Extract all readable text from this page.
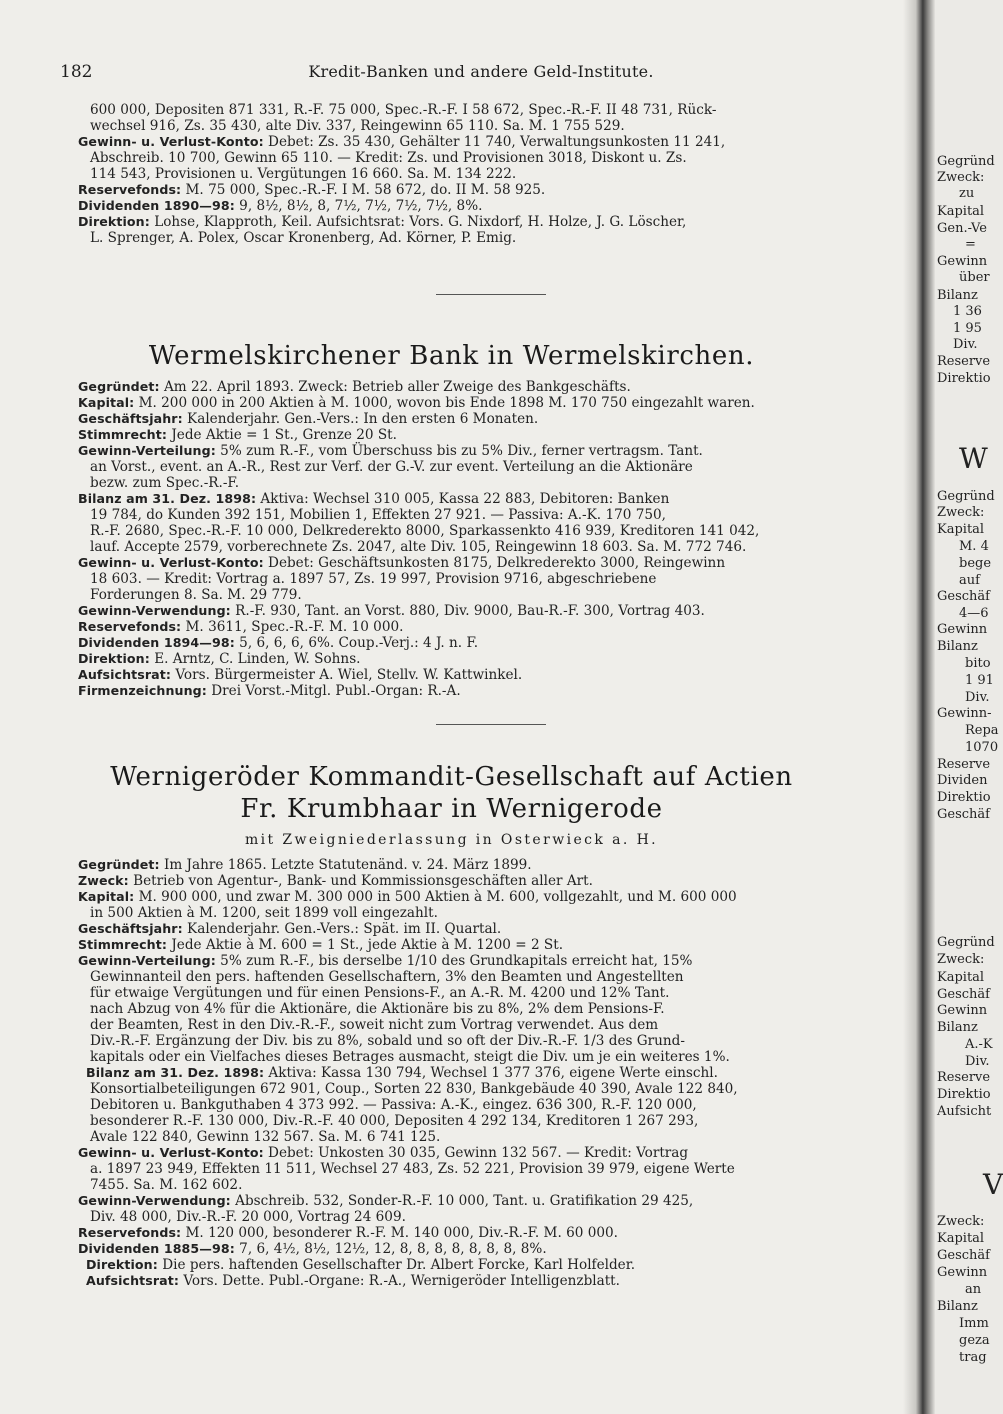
182	Kredit-Banken und andere Geld-Institute.
600 000, Depositen 871 331, R.-F. 75 000, Spec.-R.-F. I 58 672, Spec.-R.-F. II 48 731, Rück-
wechsel 916, Zs. 35 430, alte Div. 337, Reingewinn 65 110. Sa. M. 1 755 529.
Gewinn- u. Verlust-Konto: Debet: Zs. 35 430, Gehälter 11 740, Verwaltungsunkosten 11 241,
Abschreib. 10 700, Gewinn 65 110. — Kredit: Zs. und Provisionen 3018, Diskont u. Zs.
114 543, Provisionen u. Vergütungen 16 660. Sa. M. 134 222.
Reservefonds: M. 75 000, Spec.-R.-F. I M. 58 672, do. II M. 58 925.
Dividenden 1890—98: 9, 8½, 8½, 8, 7½, 7½, 7½, 7½, 8%.
Direktion: Lohse, Klapproth, Keil. Aufsichtsrat: Vors. G. Nixdorf, H. Holze, J. G. Löscher,
L. Sprenger, A. Polex, Oscar Kronenberg, Ad. Körner, P. Emig.
Wermelskirchener Bank in Wermelskirchen.
Gegründet: Am 22. April 1893. Zweck: Betrieb aller Zweige des Bankgeschäfts.
Kapital: M. 200 000 in 200 Aktien à M. 1000, wovon bis Ende 1898 M. 170 750 eingezahlt waren.
Geschäftsjahr: Kalenderjahr. Gen.-Vers.: In den ersten 6 Monaten.
Stimmrecht: Jede Aktie = 1 St., Grenze 20 St.
Gewinn-Verteilung: 5% zum R.-F., vom Überschuss bis zu 5% Div., ferner vertragsm. Tant.
an Vorst., event. an A.-R., Rest zur Verf. der G.-V. zur event. Verteilung an die Aktionäre
bezw. zum Spec.-R.-F.
Bilanz am 31. Dez. 1898: Aktiva: Wechsel 310 005, Kassa 22 883, Debitoren: Banken
19 784, do Kunden 392 151, Mobilien 1, Effekten 27 921. — Passiva: A.-K. 170 750,
R.-F. 2680, Spec.-R.-F. 10 000, Delkrederekto 8000, Sparkassenkto 416 939, Kreditoren 141 042,
lauf. Accepte 2579, vorberechnete Zs. 2047, alte Div. 105, Reingewinn 18 603. Sa. M. 772 746.
Gewinn- u. Verlust-Konto: Debet: Geschäftsunkosten 8175, Delkrederekto 3000, Reingewinn
18 603. — Kredit: Vortrag a. 1897 57, Zs. 19 997, Provision 9716, abgeschriebene
Forderungen 8. Sa. M. 29 779.
Gewinn-Verwendung: R.-F. 930, Tant. an Vorst. 880, Div. 9000, Bau-R.-F. 300, Vortrag 403.
Reservefonds: M. 3611, Spec.-R.-F. M. 10 000.
Dividenden 1894—98: 5, 6, 6, 6, 6%. Coup.-Verj.: 4 J. n. F.
Direktion: E. Arntz, C. Linden, W. Sohns.
Aufsichtsrat: Vors. Bürgermeister A. Wiel, Stellv. W. Kattwinkel.
Firmenzeichnung: Drei Vorst.-Mitgl. Publ.-Organ: R.-A.
Wernigeröder Kommandit-Gesellschaft auf Actien
Fr. Krumbhaar in Wernigerode
mit Zweigniederlassung in Osterwieck a. H.
Gegründet: Im Jahre 1865. Letzte Statutenänd. v. 24. März 1899.
Zweck: Betrieb von Agentur-, Bank- und Kommissionsgeschäften aller Art.
Kapital: M. 900 000, und zwar M. 300 000 in 500 Aktien à M. 600, vollgezahlt, und M. 600 000
in 500 Aktien à M. 1200, seit 1899 voll eingezahlt.
Geschäftsjahr: Kalenderjahr. Gen.-Vers.: Spät. im II. Quartal.
Stimmrecht: Jede Aktie à M. 600 = 1 St., jede Aktie à M. 1200 = 2 St.
Gewinn-Verteilung: 5% zum R.-F., bis derselbe 1/10 des Grundkapitals erreicht hat, 15%
Gewinnanteil den pers. haftenden Gesellschaftern, 3% den Beamten und Angestellten
für etwaige Vergütungen und für einen Pensions-F., an A.-R. M. 4200 und 12% Tant.
nach Abzug von 4% für die Aktionäre, die Aktionäre bis zu 8%, 2% dem Pensions-F.
der Beamten, Rest in den Div.-R.-F., soweit nicht zum Vortrag verwendet. Aus dem
Div.-R.-F. Ergänzung der Div. bis zu 8%, sobald und so oft der Div.-R.-F. 1/3 des Grund-
kapitals oder ein Vielfaches dieses Betrages ausmacht, steigt die Div. um je ein weiteres 1%.
Bilanz am 31. Dez. 1898: Aktiva: Kassa 130 794, Wechsel 1 377 376, eigene Werte einschl.
Konsortialbeteiligungen 672 901, Coup., Sorten 22 830, Bankgebäude 40 390, Avale 122 840,
Debitoren u. Bankguthaben 4 373 992. — Passiva: A.-K., eingez. 636 300, R.-F. 120 000,
besonderer R.-F. 130 000, Div.-R.-F. 40 000, Depositen 4 292 134, Kreditoren 1 267 293,
Avale 122 840, Gewinn 132 567. Sa. M. 6 741 125.
Gewinn- u. Verlust-Konto: Debet: Unkosten 30 035, Gewinn 132 567. — Kredit: Vortrag
a. 1897 23 949, Effekten 11 511, Wechsel 27 483, Zs. 52 221, Provision 39 979, eigene Werte
7455. Sa. M. 162 602.
Gewinn-Verwendung: Abschreib. 532, Sonder-R.-F. 10 000, Tant. u. Gratifikation 29 425,
Div. 48 000, Div.-R.-F. 20 000, Vortrag 24 609.
Reservefonds: M. 120 000, besonderer R.-F. M. 140 000, Div.-R.-F. M. 60 000.
Dividenden 1885—98: 7, 6, 4½, 8½, 12½, 12, 8, 8, 8, 8, 8, 8, 8, 8%.
Direktion: Die pers. haftenden Gesellschafter Dr. Albert Forcke, Karl Holfelder.
Aufsichtsrat: Vors. Dette. Publ.-Organe: R.-A., Wernigeröder Intelligenzblatt.
Gegründ
Zweck:
zu
Kapital
Gen.-Ve
=
Gewinn
über
Bilanz
1 36
1 95
Div.
Reserve
Direktio
W
Gegründ
Zweck:
Kapital
M. 4
bege
auf
Geschäf
4—6
Gewinn
Bilanz
bito
1 91
Div.
Gewinn-
Repa
1070
Reserve
Dividen
Direktio
Geschäf
Gegründ
Zweck:
Kapital
Geschäf
Gewinn
Bilanz
A.-K
Div.
Reserve
Direktio
Aufsicht
V
Zweck:
Kapital
Geschäf
Gewinn
an
Bilanz
Imm
geza
trag
